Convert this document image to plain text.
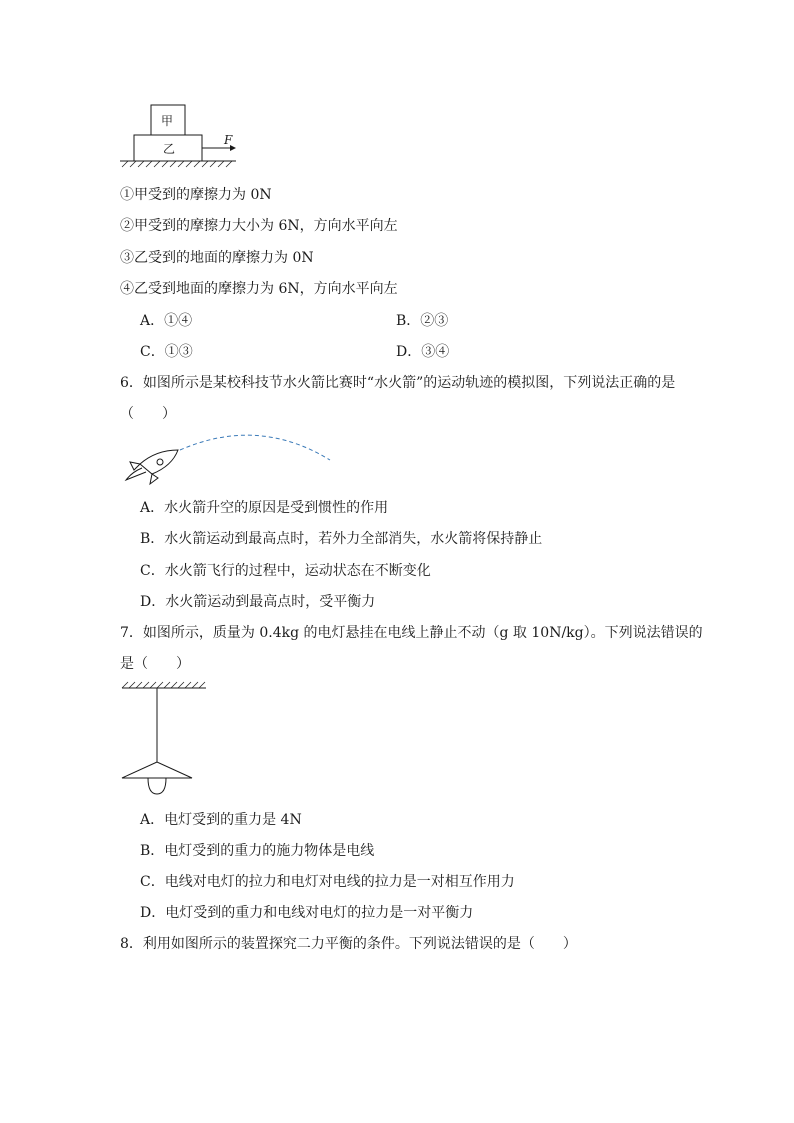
甲
乙
F
①甲受到的摩擦力为 0N
②甲受到的摩擦力大小为 6N，方向水平向左
③乙受到的地面的摩擦力为 0N
④乙受到地面的摩擦力为 6N，方向水平向左
A．①④	B．②③
C．①③	D．③④
6．如图所示是某校科技节水火箭比赛时“水火箭”的运动轨迹的模拟图，下列说法正确的是
（　　）
A．水火箭升空的原因是受到惯性的作用
B．水火箭运动到最高点时，若外力全部消失，水火箭将保持静止
C．水火箭飞行的过程中，运动状态在不断变化
D．水火箭运动到最高点时，受平衡力
7．如图所示，质量为 0.4kg 的电灯悬挂在电线上静止不动（g 取 10N/kg）。下列说法错误的
是（　　）
A．电灯受到的重力是 4N
B．电灯受到的重力的施力物体是电线
C．电线对电灯的拉力和电灯对电线的拉力是一对相互作用力
D．电灯受到的重力和电线对电灯的拉力是一对平衡力
8．利用如图所示的装置探究二力平衡的条件。下列说法错误的是（　　）
